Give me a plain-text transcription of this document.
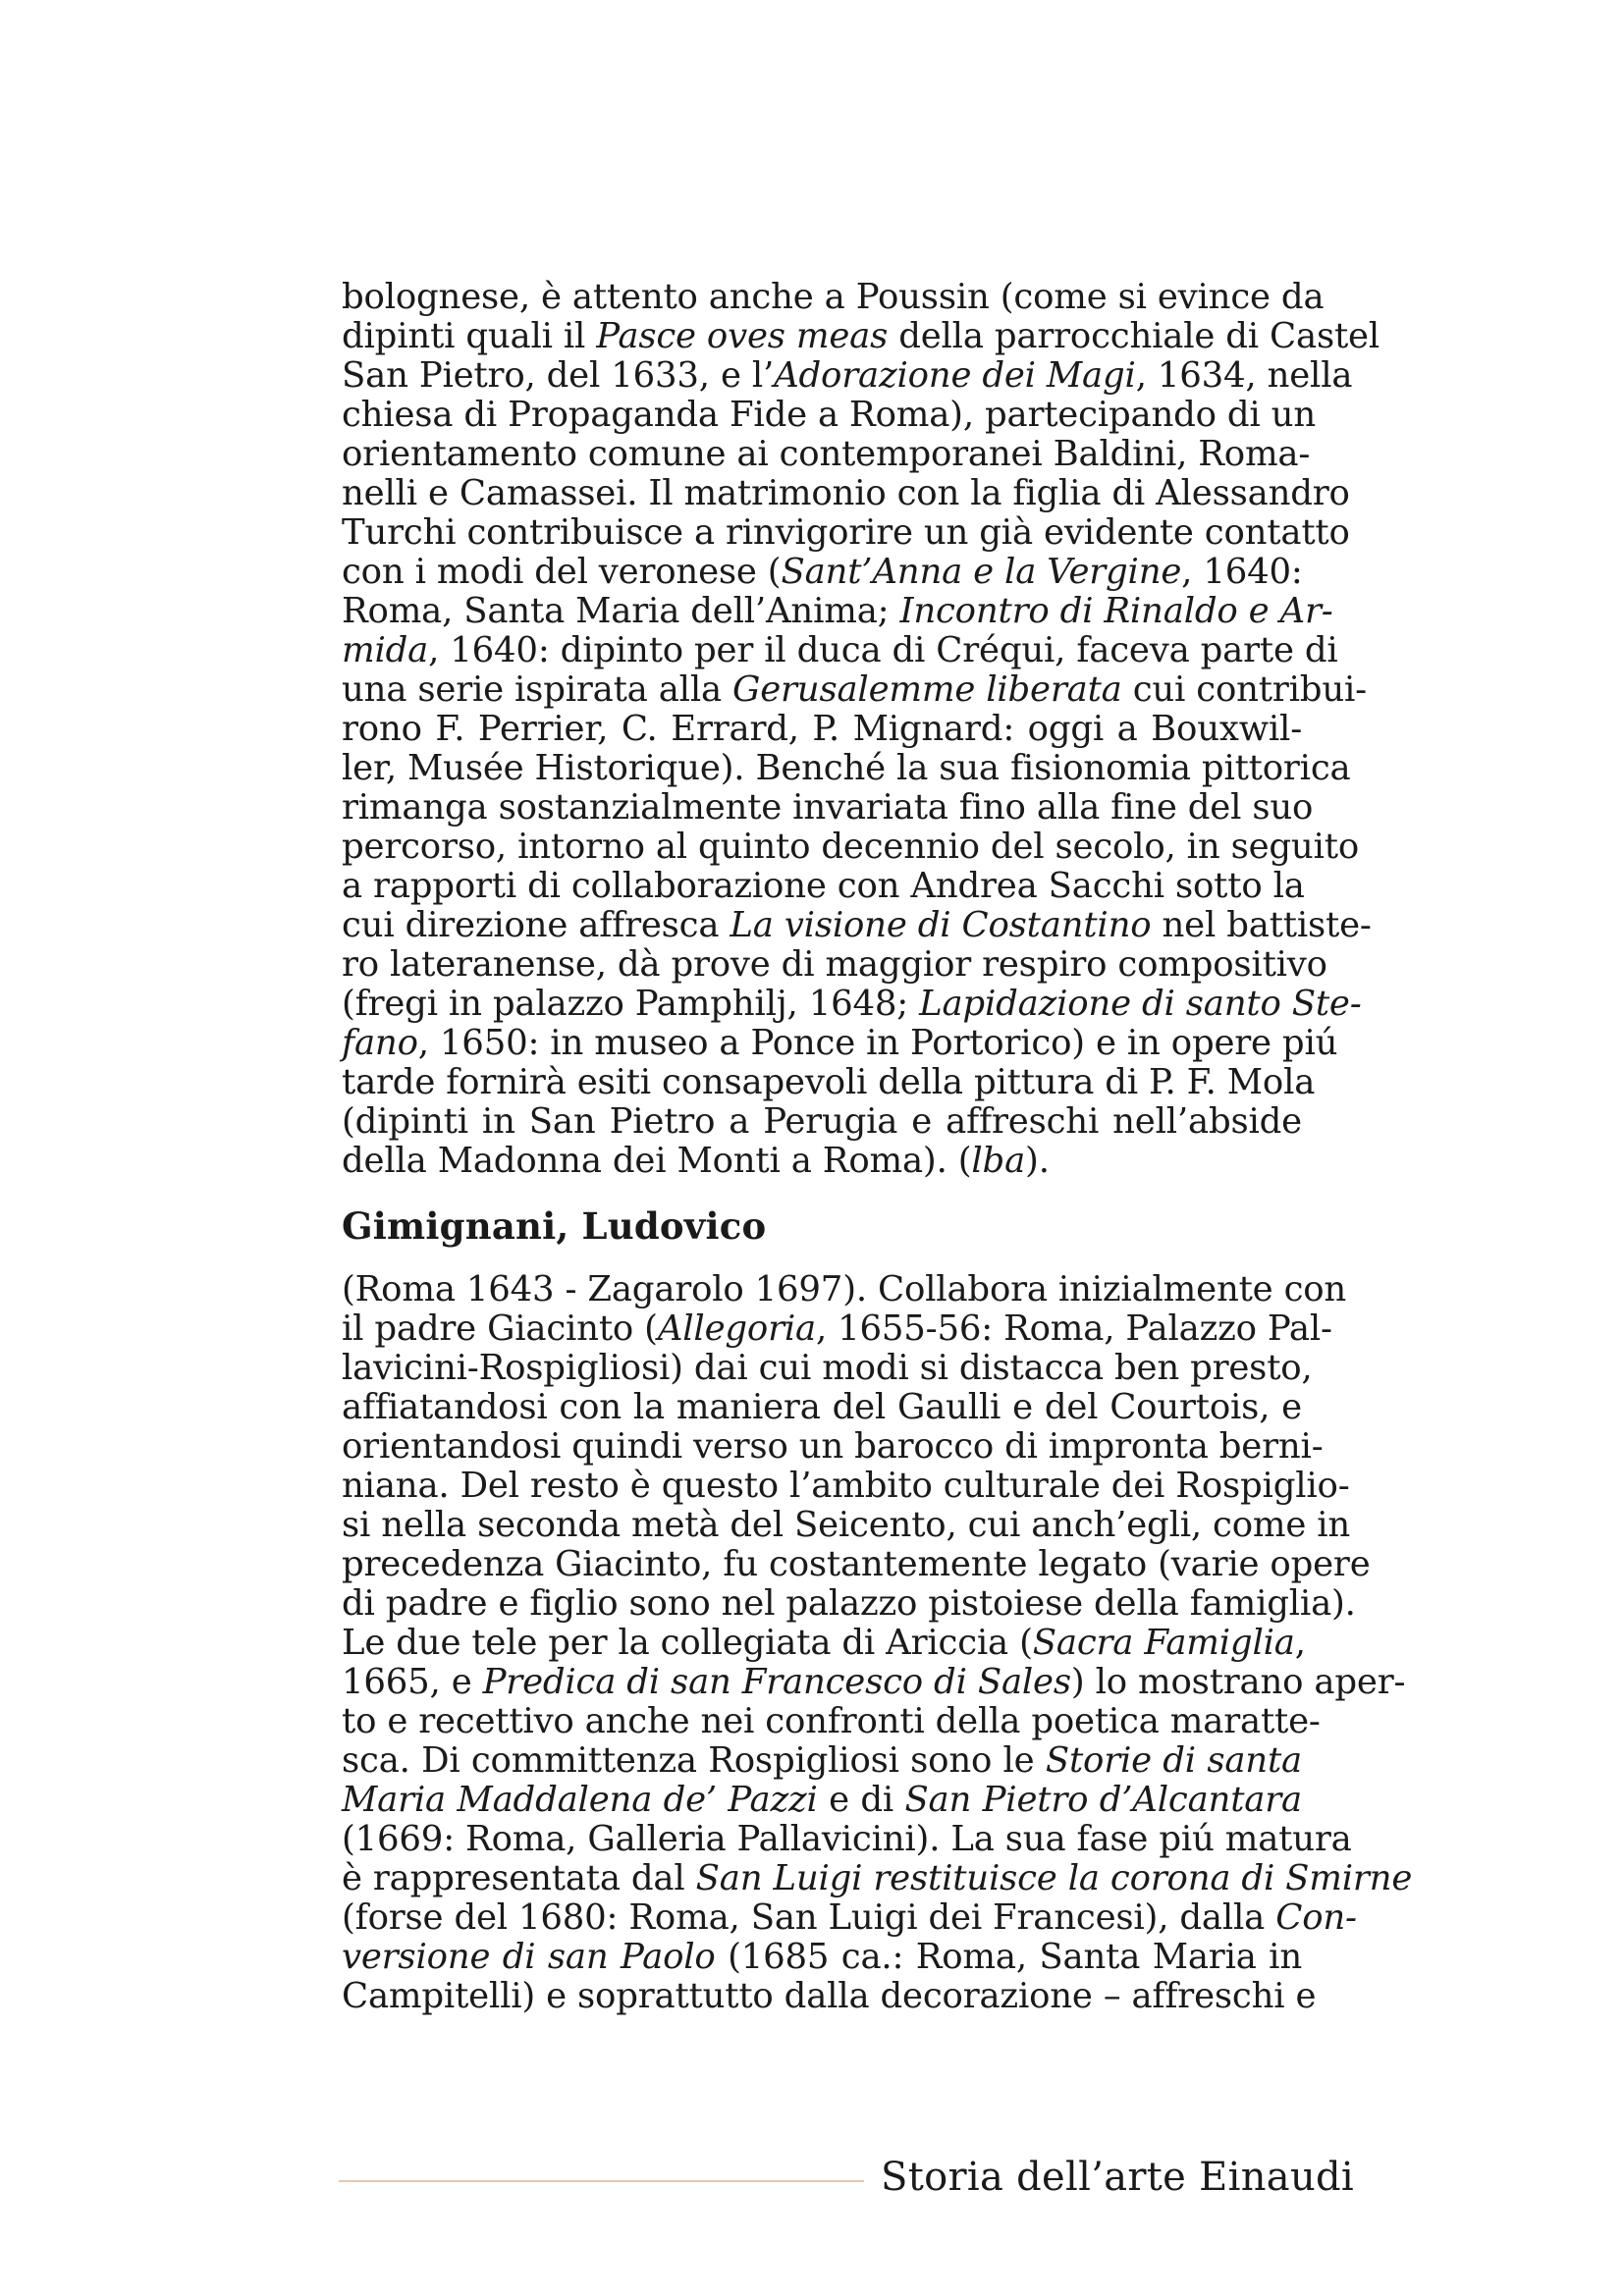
bolognese, è attento anche a Poussin (come si evince da
dipinti quali il Pasce oves meas della parrocchiale di Castel
San Pietro, del 1633, e l’Adorazione dei Magi, 1634, nella
chiesa di Propaganda Fide a Roma), partecipando di un
orientamento comune ai contemporanei Baldini, Roma-
nelli e Camassei. Il matrimonio con la figlia di Alessandro
Turchi contribuisce a rinvigorire un già evidente contatto
con i modi del veronese (Sant’Anna e la Vergine, 1640:
Roma, Santa Maria dell’Anima; Incontro di Rinaldo e Ar-
mida, 1640: dipinto per il duca di Créqui, faceva parte di
una serie ispirata alla Gerusalemme liberata cui contribui-
rono F. Perrier, C. Errard, P. Mignard: oggi a Bouxwil-
ler, Musée Historique). Benché la sua fisionomia pittorica
rimanga sostanzialmente invariata fino alla fine del suo
percorso, intorno al quinto decennio del secolo, in seguito
a rapporti di collaborazione con Andrea Sacchi sotto la
cui direzione affresca La visione di Costantino nel battiste-
ro lateranense, dà prove di maggior respiro compositivo
(fregi in palazzo Pamphilj, 1648; Lapidazione di santo Ste-
fano, 1650: in museo a Ponce in Portorico) e in opere piú
tarde fornirà esiti consapevoli della pittura di P. F. Mola
(dipinti in San Pietro a Perugia e affreschi nell’abside
della Madonna dei Monti a Roma). (lba).
Gimignani, Ludovico
(Roma 1643 - Zagarolo 1697). Collabora inizialmente con
il padre Giacinto (Allegoria, 1655-56: Roma, Palazzo Pal-
lavicini-Rospigliosi) dai cui modi si distacca ben presto,
affiatandosi con la maniera del Gaulli e del Courtois, e
orientandosi quindi verso un barocco di impronta berni-
niana. Del resto è questo l’ambito culturale dei Rospiglio-
si nella seconda metà del Seicento, cui anch’egli, come in
precedenza Giacinto, fu costantemente legato (varie opere
di padre e figlio sono nel palazzo pistoiese della famiglia).
Le due tele per la collegiata di Ariccia (Sacra Famiglia,
1665, e Predica di san Francesco di Sales) lo mostrano aper-
to e recettivo anche nei confronti della poetica maratte-
sca. Di committenza Rospigliosi sono le Storie di santa
Maria Maddalena de’ Pazzi e di San Pietro d’Alcantara
(1669: Roma, Galleria Pallavicini). La sua fase piú matura
è rappresentata dal San Luigi restituisce la corona di Smirne
(forse del 1680: Roma, San Luigi dei Francesi), dalla Con-
versione di san Paolo (1685 ca.: Roma, Santa Maria in
Campitelli) e soprattutto dalla decorazione – affreschi e
Storia dell’arte Einaudi
